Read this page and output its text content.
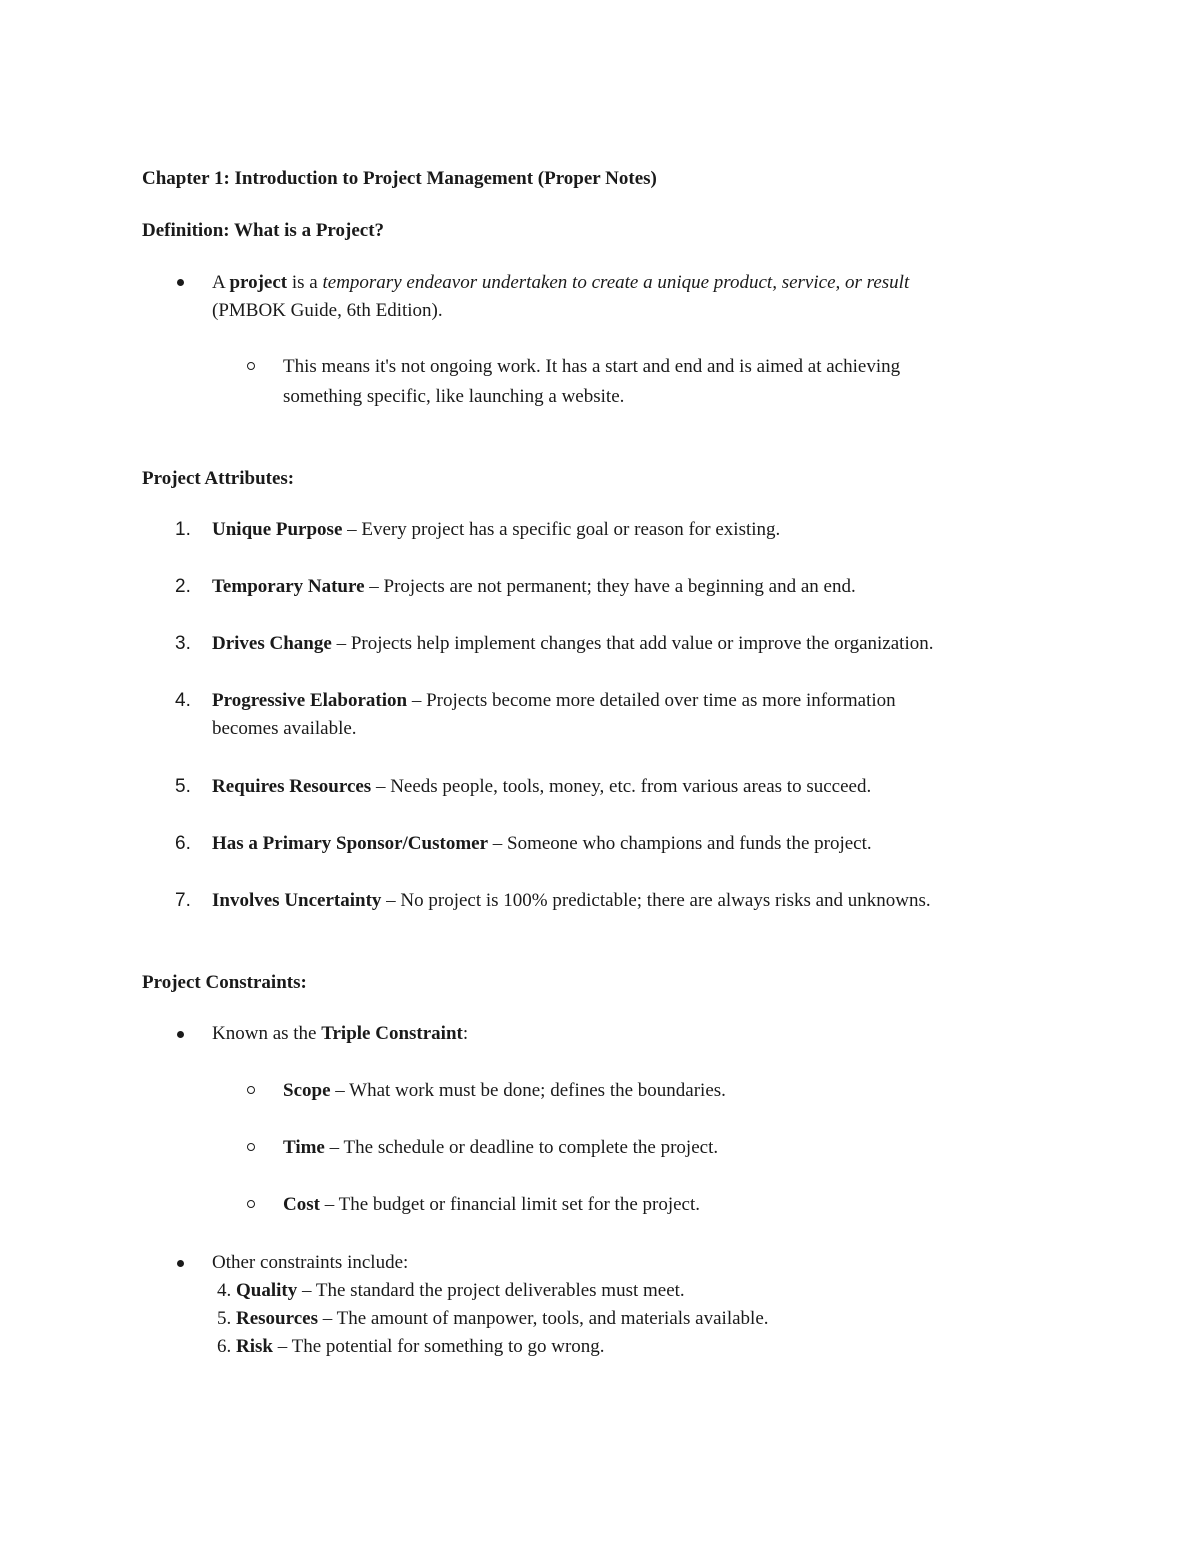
Chapter 1: Introduction to Project Management (Proper Notes)
Definition: What is a Project?
A project is a temporary endeavor undertaken to create a unique product, service, or result
(PMBOK Guide, 6th Edition).
This means it's not ongoing work. It has a start and end and is aimed at achieving
something specific, like launching a website.
Project Attributes:
1. Unique Purpose – Every project has a specific goal or reason for existing.
2. Temporary Nature – Projects are not permanent; they have a beginning and an end.
3. Drives Change – Projects help implement changes that add value or improve the organization.
4. Progressive Elaboration – Projects become more detailed over time as more information
becomes available.
5. Requires Resources – Needs people, tools, money, etc. from various areas to succeed.
6. Has a Primary Sponsor/Customer – Someone who champions and funds the project.
7. Involves Uncertainty – No project is 100% predictable; there are always risks and unknowns.
Project Constraints:
Known as the Triple Constraint:
Scope – What work must be done; defines the boundaries.
Time – The schedule or deadline to complete the project.
Cost – The budget or financial limit set for the project.
Other constraints include:
4. Quality – The standard the project deliverables must meet.
5. Resources – The amount of manpower, tools, and materials available.
6. Risk – The potential for something to go wrong.
